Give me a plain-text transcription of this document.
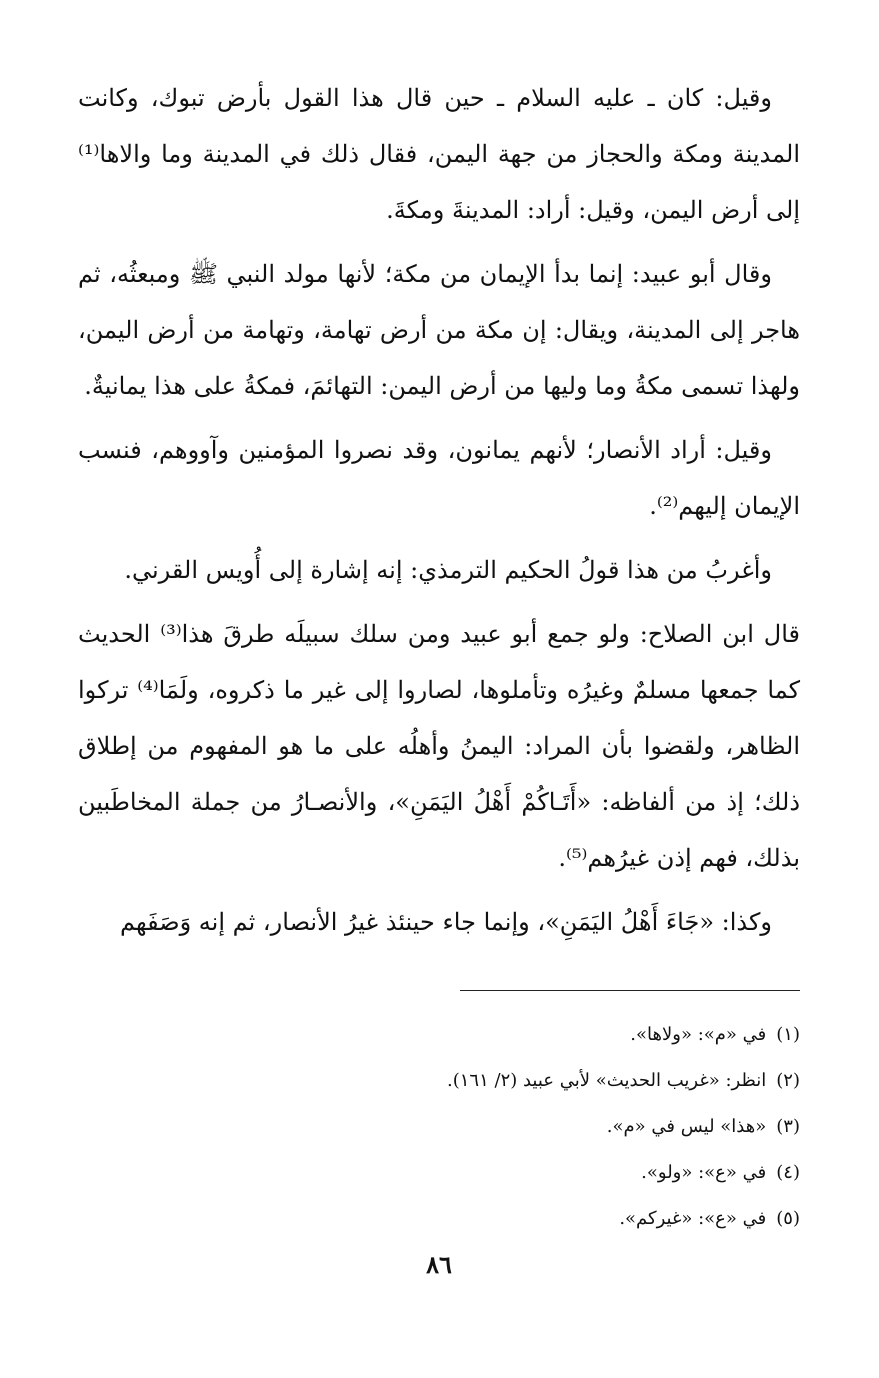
وقيل: كان ـ عليه السلام ـ حين قال هذا القول بأرض تبوك، وكانت المدينة ومكة والحجاز من جهة اليمن، فقال ذلك في المدينة وما والاها⁽¹⁾ إلى أرض اليمن، وقيل: أراد: المدينةَ ومكةَ.

وقال أبو عبيد: إنما بدأ الإيمان من مكة؛ لأنها مولد النبي ﷺ ومبعثُه، ثم هاجر إلى المدينة، ويقال: إن مكة من أرض تهامة، وتهامة من أرض اليمن، ولهذا تسمى مكةُ وما وليها من أرض اليمن: التهائمَ، فمكةُ على هذا يمانيةٌ.

وقيل: أراد الأنصار؛ لأنهم يمانون، وقد نصروا المؤمنين وآووهم، فنسب الإيمان إليهم⁽²⁾.

وأغربُ من هذا قولُ الحكيم الترمذي: إنه إشارة إلى أُويس القرني.

قال ابن الصلاح: ولو جمع أبو عبيد ومن سلك سبيلَه طرقَ هذا⁽³⁾ الحديث كما جمعها مسلمٌ وغيرُه وتأملوها، لصاروا إلى غير ما ذكروه، ولَمَا⁽⁴⁾ تركوا الظاهر، ولقضوا بأن المراد: اليمنُ وأهلُه على ما هو المفهوم من إطلاق ذلك؛ إذ من ألفاظه: «أَتَـاكُمْ أَهْلُ اليَمَنِ»، والأنصـارُ من جملة المخاطَبين بذلك، فهم إذن غيرُهم⁽⁵⁾.

وكذا: «جَاءَ أَهْلُ اليَمَنِ»، وإنما جاء حينئذ غيرُ الأنصار، ثم إنه وَصَفَهم

(١)في «م»: «ولاها».
(٢)انظر: «غريب الحديث» لأبي عبيد (٢/ ١٦١).
(٣)«هذا» ليس في «م».
(٤)في «ع»: «ولو».
(٥)في «ع»: «غيركم».
٨٦
